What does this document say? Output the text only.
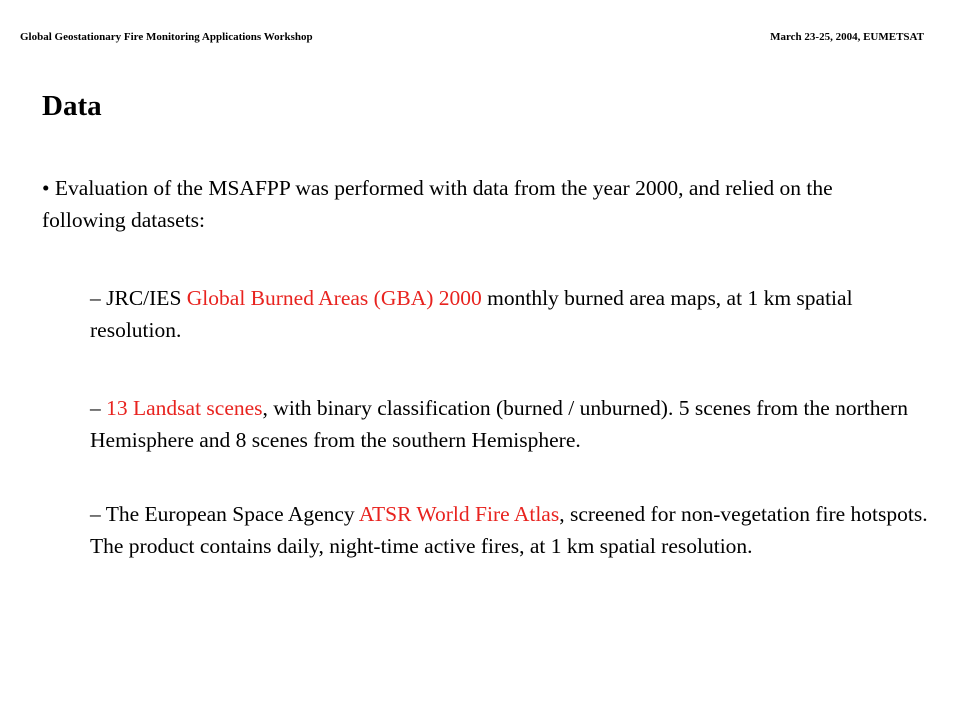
Global Geostationary Fire Monitoring Applications Workshop	March 23-25, 2004, EUMETSAT
Data

• Evaluation of the MSAFPP was performed with data from the year 2000, and relied on the following datasets:

– JRC/IES Global Burned Areas (GBA) 2000 monthly burned area maps, at 1 km spatial resolution.

– 13 Landsat scenes, with binary classification (burned / unburned). 5 scenes from the northern Hemisphere and 8 scenes from the southern Hemisphere.

– The European Space Agency ATSR World Fire Atlas, screened for non-vegetation fire hotspots. The product contains daily, night-time active fires, at 1 km spatial resolution.
